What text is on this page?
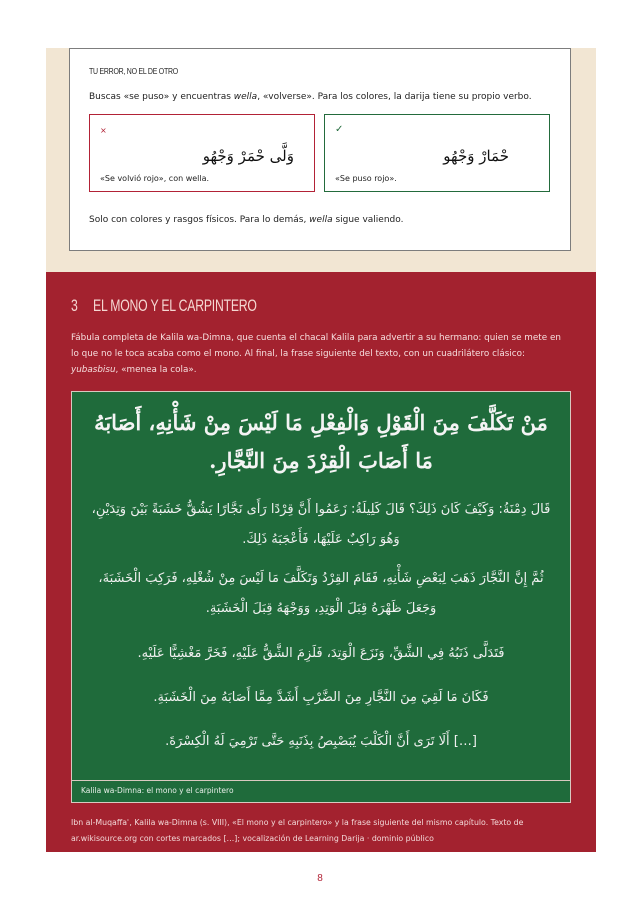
TU ERROR, NO EL DE OTRO
Buscas «se puso» y encuentras wella, «volverse». Para los colores, la darija tiene su propio verbo.
×
وَلَّى حْمَرْ وَجْهُو
«Se volvió rojo», con wella.
✓
حْمَارْ وَجْهُو
«Se puso rojo».
Solo con colores y rasgos físicos. Para lo demás, wella sigue valiendo.
3 EL MONO Y EL CARPINTERO
Fábula completa de Kalila wa-Dimna, que cuenta el chacal Kalila para advertir a su hermano: quien se mete en lo que no le toca acaba como el mono. Al final, la frase siguiente del texto, con un cuadrilátero clásico: yubasbisu, «menea la cola».
مَنْ تَكَلَّفَ مِنَ الْقَوْلِ وَالْفِعْلِ مَا لَيْسَ مِنْ شَأْنِهِ، أَصَابَهُ مَا أَصَابَ الْقِرْدَ مِنَ النَّجَّارِ.
قَالَ دِمْنَةُ: وَكَيْفَ كَانَ ذَلِكَ؟ قَالَ كَلِيلَةُ: زَعَمُوا أَنَّ قِرْدًا رَأَى نَجَّارًا يَشُقُّ خَشَبَةً بَيْنَ وَتِدَيْنِ، وَهُوَ رَاكِبٌ عَلَيْهَا، فَأَعْجَبَهُ ذَلِكَ.
ثُمَّ إِنَّ النَّجَّارَ ذَهَبَ لِبَعْضِ شَأْنِهِ، فَقَامَ القِرْدُ وَتَكَلَّفَ مَا لَيْسَ مِنْ شُغْلِهِ، فَرَكِبَ الْخَشَبَةَ، وَجَعَلَ ظَهْرَهُ قِبَلَ الْوَتِدِ، وَوَجْهَهُ قِبَلَ الْخَشَبَةِ.
فَتَدَلَّى ذَنَبُهُ فِي الشَّقِّ، وَنَزَعَ الْوَتِدَ، فَلَزِمَ الشَّقُّ عَلَيْهِ، فَخَرَّ مَغْشِيًّا عَلَيْهِ.
فَكَانَ مَا لَقِيَ مِنَ النَّجَّارِ مِنَ الضَّرْبِ أَشَدَّ مِمَّا أَصَابَهُ مِنَ الْخَشَبَةِ.
[…] أَلَا تَرَى أَنَّ الْكَلْبَ يُبَصْبِصُ بِذَنَبِهِ حَتَّى تَرْمِيَ لَهُ الْكِسْرَةَ.
Kalila wa-Dimna: el mono y el carpintero
Ibn al-Muqaffaʿ, Kalila wa-Dimna (s. VIII), «El mono y el carpintero» y la frase siguiente del mismo capítulo. Texto de ar.wikisource.org con cortes marcados […]; vocalización de Learning Darija · dominio público
8
